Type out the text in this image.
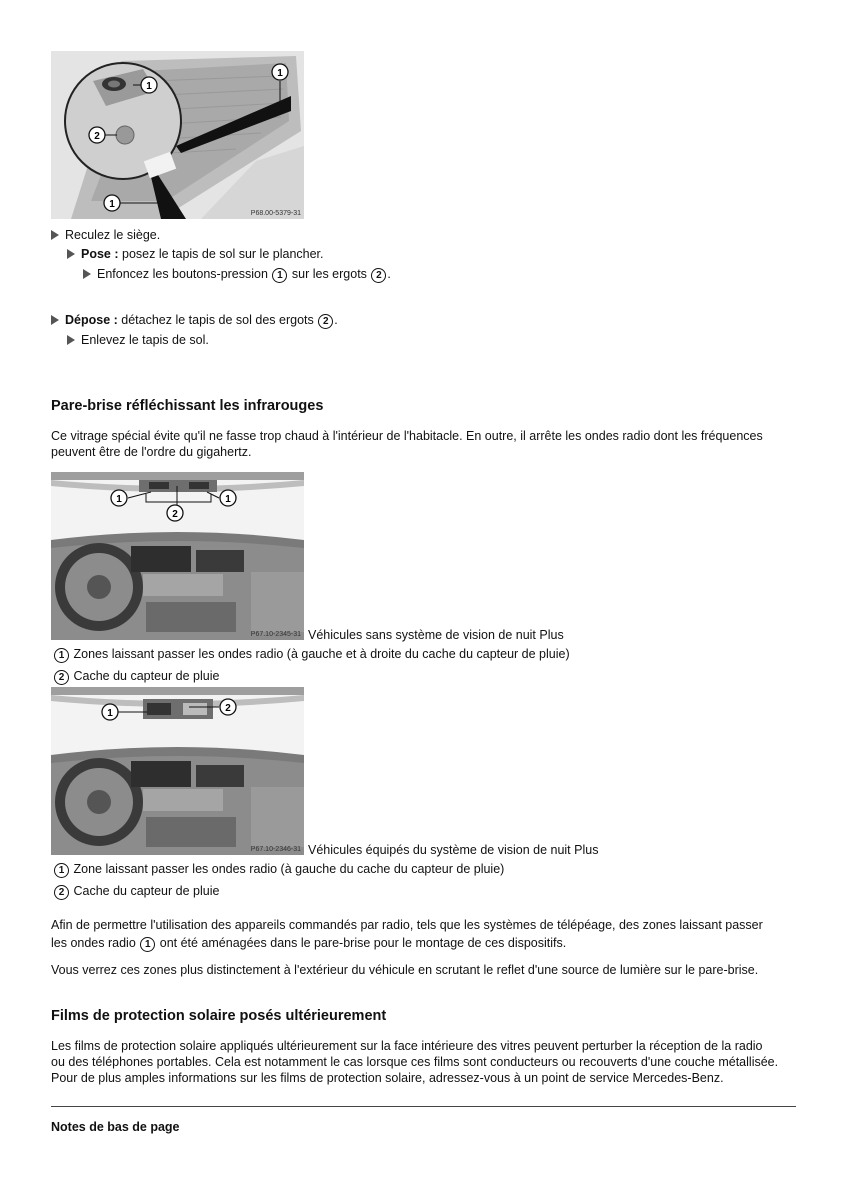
1
2
1
1
P68.00-5379-31
Reculez le siège.
Pose : posez le tapis de sol sur le plancher.
Enfoncez les boutons-pression 1 sur les ergots 2 .
Dépose : détachez le tapis de sol des ergots 2 .
Enlevez le tapis de sol.
Pare-brise réfléchissant les infrarouges
Ce vitrage spécial évite qu'il ne fasse trop chaud à l'intérieur de l'habitacle. En outre, il arrête les ondes radio dont les fréquences
peuvent être de l'ordre du gigahertz.
1
2
1
P67.10-2345-31 Véhicules sans système de vision de nuit Plus
1 Zones laissant passer les ondes radio (à gauche et à droite du cache du capteur de pluie)
2 Cache du capteur de pluie
1	2
P67.10-2346-31 Véhicules équipés du système de vision de nuit Plus
1 Zone laissant passer les ondes radio (à gauche du cache du capteur de pluie)
2 Cache du capteur de pluie
Afin de permettre l'utilisation des appareils commandés par radio, tels que les systèmes de télépéage, des zones laissant passer
les ondes radio 1 ont été aménagées dans le pare-brise pour le montage de ces dispositifs.
Vous verrez ces zones plus distinctement à l'extérieur du véhicule en scrutant le reflet d'une source de lumière sur le pare-brise.
Films de protection solaire posés ultérieurement
Les films de protection solaire appliqués ultérieurement sur la face intérieure des vitres peuvent perturber la réception de la radio
ou des téléphones portables. Cela est notamment le cas lorsque ces films sont conducteurs ou recouverts d'une couche métallisée.
Pour de plus amples informations sur les films de protection solaire, adressez-vous à un point de service Mercedes-Benz.
Notes de bas de page
